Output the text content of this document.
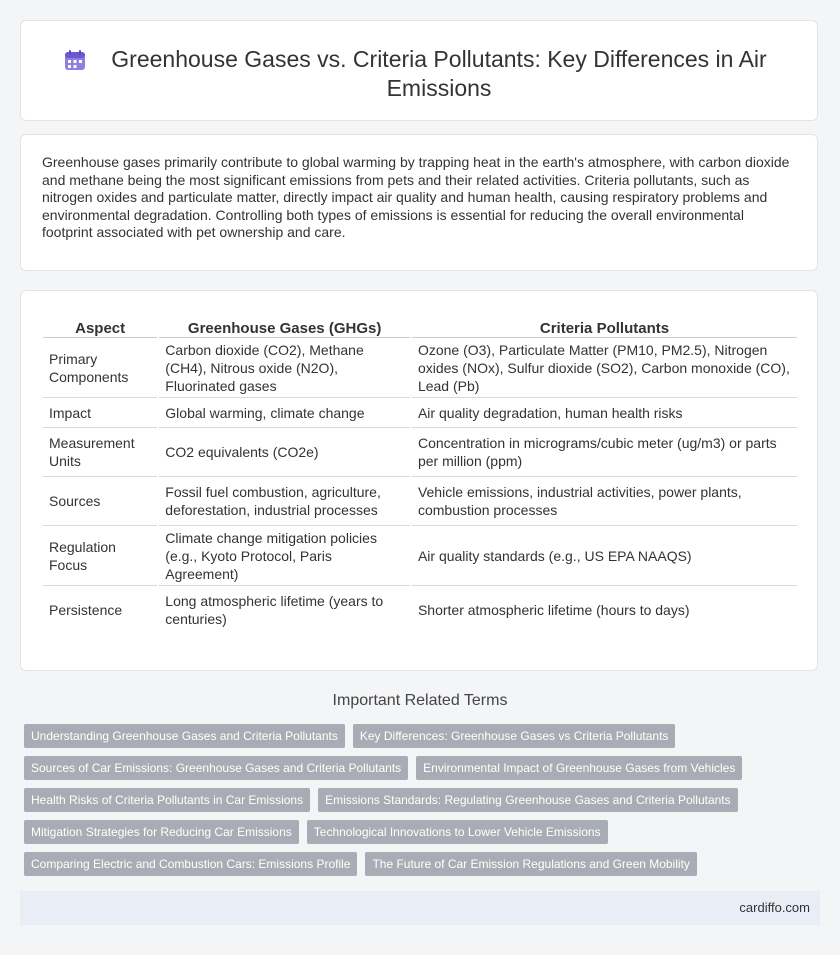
Greenhouse Gases vs. Criteria Pollutants: Key Differences in Air Emissions

Greenhouse gases primarily contribute to global warming by trapping heat in the earth's atmosphere, with carbon dioxide and methane being the most significant emissions from pets and their related activities. Criteria pollutants, such as nitrogen oxides and particulate matter, directly impact air quality and human health, causing respiratory problems and environmental degradation. Controlling both types of emissions is essential for reducing the overall environmental footprint associated with pet ownership and care.

Aspect	Greenhouse Gases (GHGs)	Criteria Pollutants
Primary Components	Carbon dioxide (CO2), Methane (CH4), Nitrous oxide (N2O), Fluorinated gases	Ozone (O3), Particulate Matter (PM10, PM2.5), Nitrogen oxides (NOx), Sulfur dioxide (SO2), Carbon monoxide (CO), Lead (Pb)
Impact	Global warming, climate change	Air quality degradation, human health risks
Measurement Units	CO2 equivalents (CO2e)	Concentration in micrograms/cubic meter (ug/m3) or parts per million (ppm)
Sources	Fossil fuel combustion, agriculture, deforestation, industrial processes	Vehicle emissions, industrial activities, power plants, combustion processes
Regulation Focus	Climate change mitigation policies (e.g., Kyoto Protocol, Paris Agreement)	Air quality standards (e.g., US EPA NAAQS)
Persistence	Long atmospheric lifetime (years to centuries)	Shorter atmospheric lifetime (hours to days)
Important Related Terms
Understanding Greenhouse Gases and Criteria Pollutants	Key Differences: Greenhouse Gases vs Criteria Pollutants
Sources of Car Emissions: Greenhouse Gases and Criteria Pollutants	Environmental Impact of Greenhouse Gases from Vehicles
Health Risks of Criteria Pollutants in Car Emissions	Emissions Standards: Regulating Greenhouse Gases and Criteria Pollutants
Mitigation Strategies for Reducing Car Emissions	Technological Innovations to Lower Vehicle Emissions
Comparing Electric and Combustion Cars: Emissions Profile	The Future of Car Emission Regulations and Green Mobility
cardiffo.com
